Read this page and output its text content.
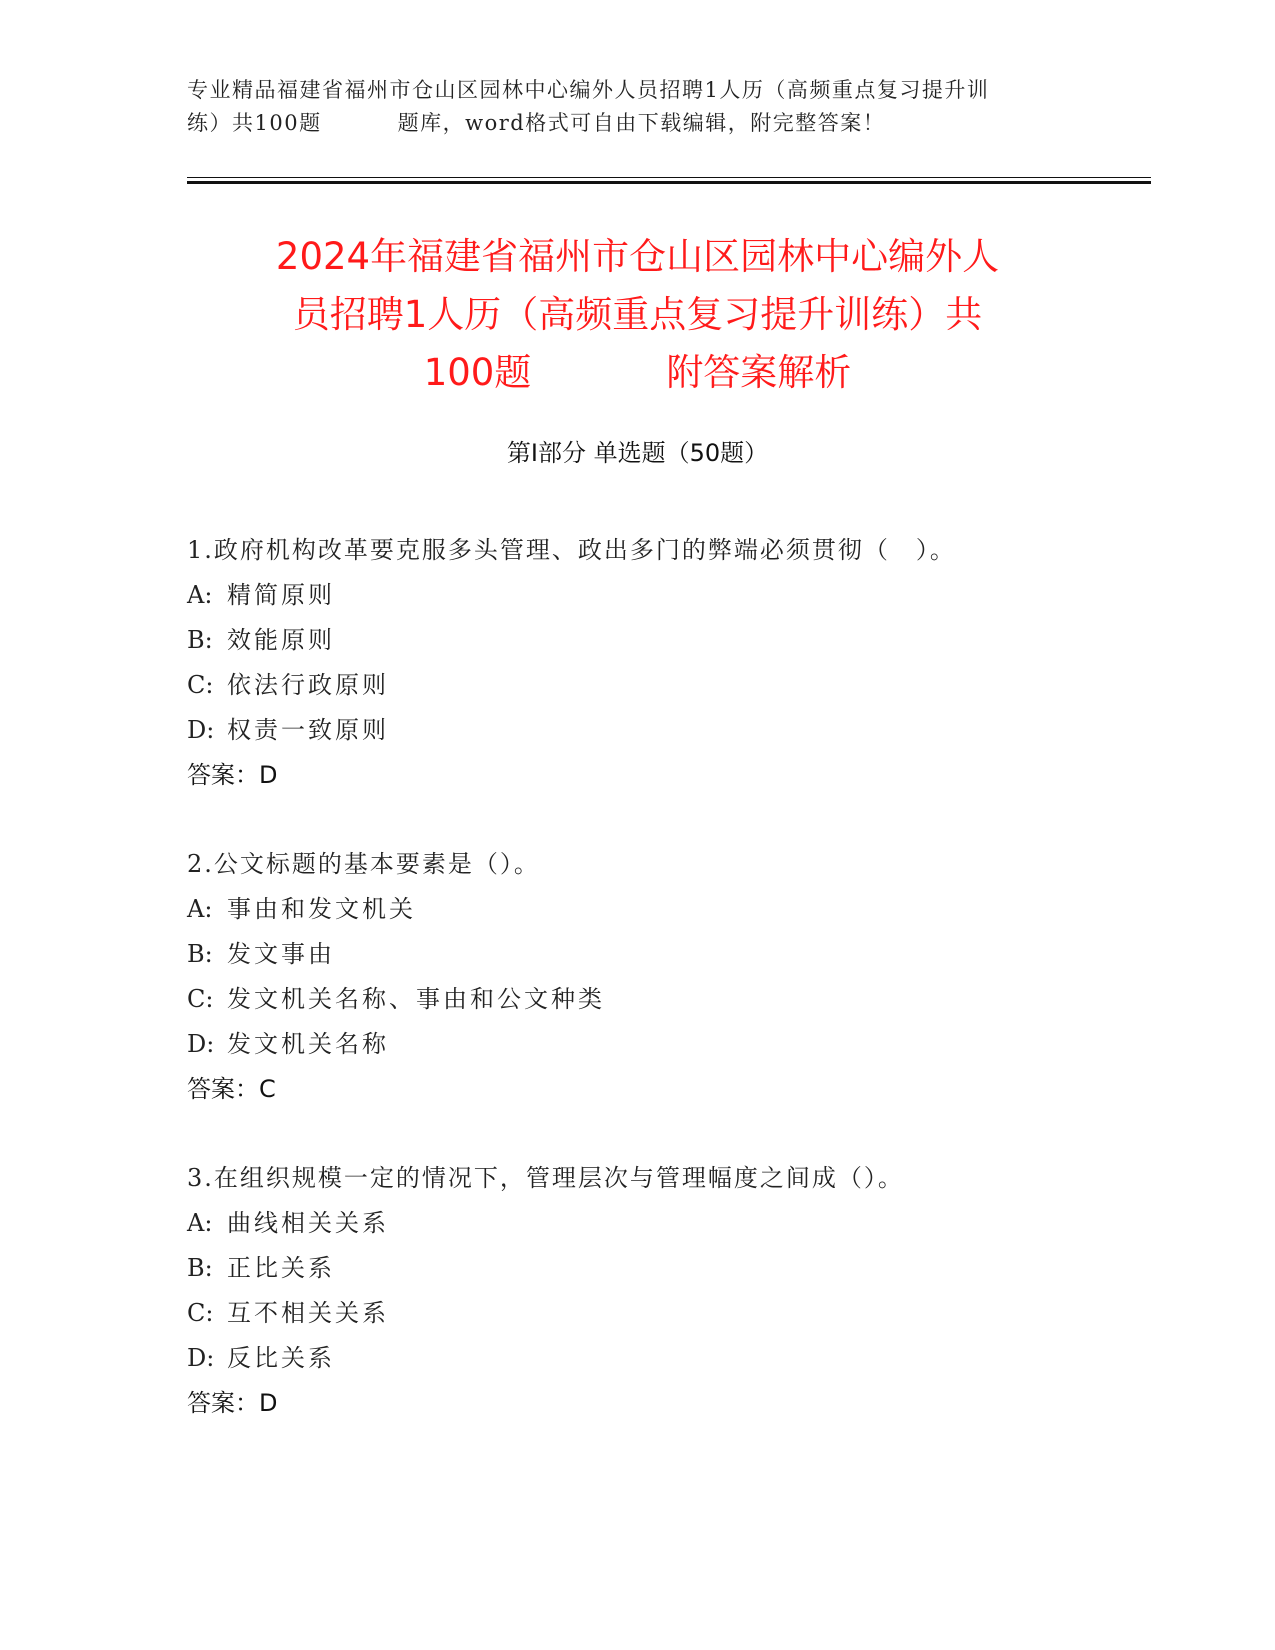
专业精品福建省福州市仓山区园林中心编外人员招聘1人历（高频重点复习提升训
练）共100题	题库，word格式可自由下载编辑，附完整答案！
2024年福建省福州市仓山区园林中心编外人
员招聘1人历（高频重点复习提升训练）共
100题	附答案解析
第Ⅰ部分 单选题（50题）
1.政府机构改革要克服多头管理、政出多门的弊端必须贯彻（　）。
A: 精简原则
B: 效能原则
C: 依法行政原则
D: 权责一致原则
答案：D
2.公文标题的基本要素是（）。
A: 事由和发文机关
B: 发文事由
C: 发文机关名称、事由和公文种类
D: 发文机关名称
答案：C
3.在组织规模一定的情况下，管理层次与管理幅度之间成（）。
A: 曲线相关关系
B: 正比关系
C: 互不相关关系
D: 反比关系
答案：D
